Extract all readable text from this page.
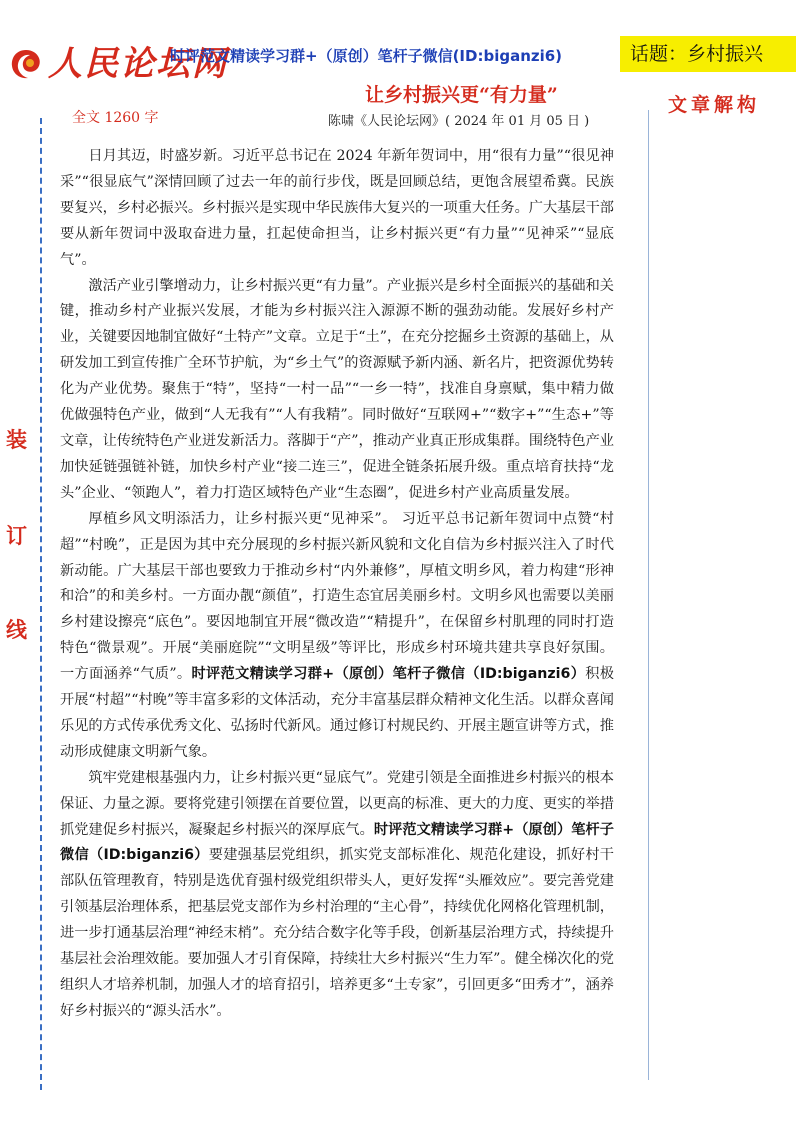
人民论坛网
时评范文精读学习群+（原创）笔杆子微信(ID:biganzi6)	话题：乡村振兴
让乡村振兴更“有力量”	文章解构
全文 1260 字	陈啸《人民论坛网》( 2024 年 01 月 05 日 )
装
订
线

日月其迈，时盛岁新。习近平总书记在 2024 年新年贺词中，用“很有力量”“很见神采”“很显底气”深情回顾了过去一年的前行步伐，既是回顾总结，更饱含展望希冀。民族要复兴，乡村必振兴。乡村振兴是实现中华民族伟大复兴的一项重大任务。广大基层干部要从新年贺词中汲取奋进力量，扛起使命担当，让乡村振兴更“有力量”“见神采”“显底气”。

激活产业引擎增动力，让乡村振兴更“有力量”。产业振兴是乡村全面振兴的基础和关键，推动乡村产业振兴发展，才能为乡村振兴注入源源不断的强劲动能。发展好乡村产业，关键要因地制宜做好“土特产”文章。立足于“土”，在充分挖掘乡土资源的基础上，从研发加工到宣传推广全环节护航，为“乡土气”的资源赋予新内涵、新名片，把资源优势转化为产业优势。聚焦于“特”，坚持“一村一品”“一乡一特”，找准自身禀赋，集中精力做优做强特色产业，做到“人无我有”“人有我精”。同时做好“互联网+”“数字+”“生态+”等文章，让传统特色产业迸发新活力。落脚于“产”，推动产业真正形成集群。围绕特色产业加快延链强链补链，加快乡村产业“接二连三”，促进全链条拓展升级。重点培育扶持“龙头”企业、“领跑人”，着力打造区域特色产业“生态圈”，促进乡村产业高质量发展。

厚植乡风文明添活力，让乡村振兴更“见神采”。 习近平总书记新年贺词中点赞“村超”“村晚”，正是因为其中充分展现的乡村振兴新风貌和文化自信为乡村振兴注入了时代新动能。广大基层干部也要致力于推动乡村“内外兼修”，厚植文明乡风，着力构建“形神和洽”的和美乡村。一方面办靓“颜值”，打造生态宜居美丽乡村。文明乡风也需要以美丽乡村建设擦亮“底色”。要因地制宜开展“微改造”“精提升”，在保留乡村肌理的同时打造特色“微景观”。开展“美丽庭院”“文明星级”等评比，形成乡村环境共建共享良好氛围。一方面涵养“气质”。时评范文精读学习群+（原创）笔杆子微信（ID:biganzi6）积极开展“村超”“村晚”等丰富多彩的文体活动，充分丰富基层群众精神文化生活。以群众喜闻乐见的方式传承优秀文化、弘扬时代新风。通过修订村规民约、开展主题宣讲等方式，推动形成健康文明新气象。

筑牢党建根基强内力，让乡村振兴更“显底气”。党建引领是全面推进乡村振兴的根本保证、力量之源。要将党建引领摆在首要位置，以更高的标准、更大的力度、更实的举措抓党建促乡村振兴，凝聚起乡村振兴的深厚底气。时评范文精读学习群+（原创）笔杆子微信（ID:biganzi6）要建强基层党组织，抓实党支部标准化、规范化建设，抓好村干部队伍管理教育，特别是选优育强村级党组织带头人，更好发挥“头雁效应”。要完善党建引领基层治理体系，把基层党支部作为乡村治理的“主心骨”，持续优化网格化管理机制，进一步打通基层治理“神经末梢”。充分结合数字化等手段，创新基层治理方式，持续提升基层社会治理效能。要加强人才引育保障，持续壮大乡村振兴“生力军”。健全梯次化的党组织人才培养机制，加强人才的培育招引，培养更多“土专家”，引回更多“田秀才”，涵养好乡村振兴的“源头活水”。
